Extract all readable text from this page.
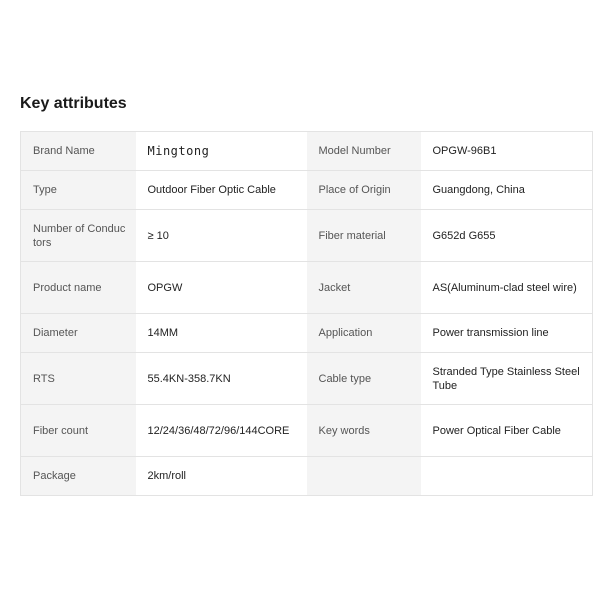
Key attributes
Brand Name	Mingtong	Model Number	OPGW-96B1
Type	Outdoor Fiber Optic Cable	Place of Origin	Guangdong, China
Number of Conductors	≥ 10	Fiber material	G652d G655
Product name	OPGW	Jacket	AS(Aluminum-clad steel wire)
Diameter	14MM	Application	Power transmission line
RTS	55.4KN-358.7KN	Cable type	Stranded Type Stainless Steel Tube
Fiber count	12/24/36/48/72/96/144CORE	Key words	Power Optical Fiber Cable
Package	2km/roll		
